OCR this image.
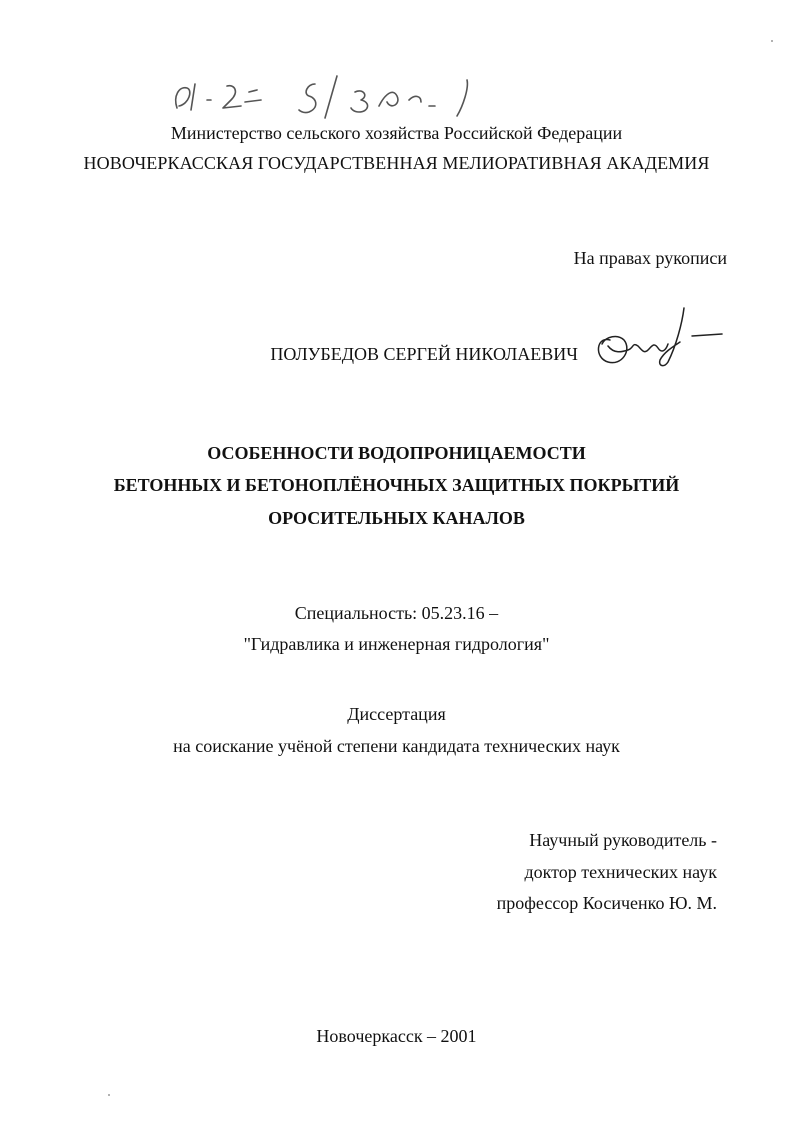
Министерство сельского хозяйства Российской Федерации
НОВОЧЕРКАССКАЯ ГОСУДАРСТВЕННАЯ МЕЛИОРАТИВНАЯ АКАДЕМИЯ
На правах рукописи
ПОЛУБЕДОВ СЕРГЕЙ НИКОЛАЕВИЧ
ОСОБЕННОСТИ ВОДОПРОНИЦАЕМОСТИ
БЕТОННЫХ И БЕТОНОПЛЁНОЧНЫХ ЗАЩИТНЫХ ПОКРЫТИЙ
ОРОСИТЕЛЬНЫХ КАНАЛОВ
Специальность: 05.23.16 –
"Гидравлика и инженерная гидрология"
Диссертация
на соискание учёной степени кандидата технических наук
Научный руководитель -
доктор технических наук
профессор Косиченко Ю. М.
Новочеркасск – 2001
